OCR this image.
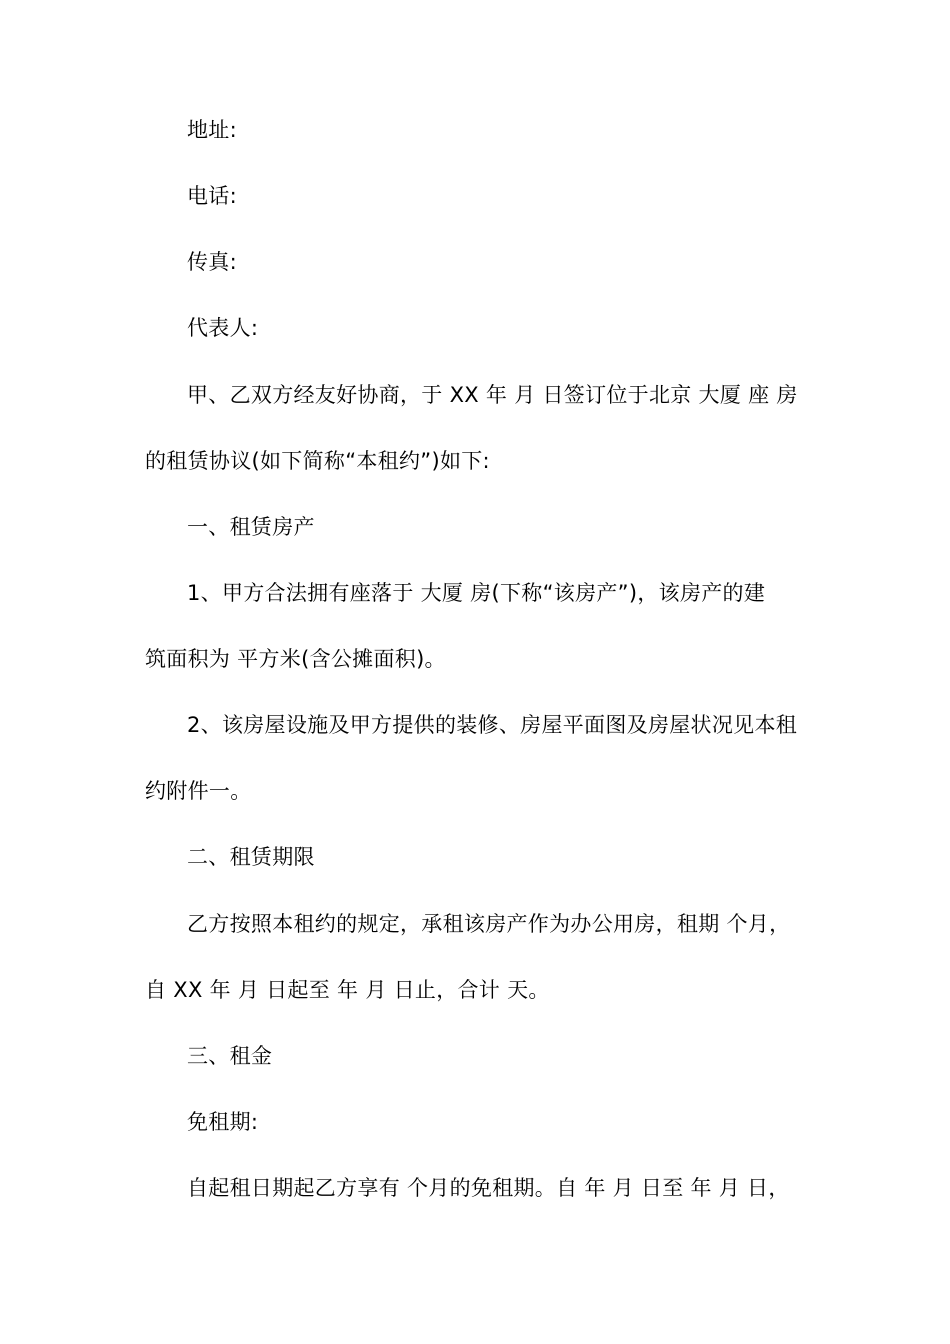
地址:
电话:
传真:
代表人:
甲、乙双方经友好协商，于 XX 年 月 日签订位于北京 大厦 座 房
的租赁协议(如下简称“本租约”)如下:
一、租赁房产
1、甲方合法拥有座落于 大厦 房(下称“该房产”)，该房产的建
筑面积为 平方米(含公摊面积)。
2、该房屋设施及甲方提供的装修、房屋平面图及房屋状况见本租
约附件一。
二、租赁期限
乙方按照本租约的规定，承租该房产作为办公用房，租期 个月，
自 XX 年 月 日起至 年 月 日止，合计 天。
三、租金
免租期:
自起租日期起乙方享有 个月的免租期。自 年 月 日至 年 月 日，
